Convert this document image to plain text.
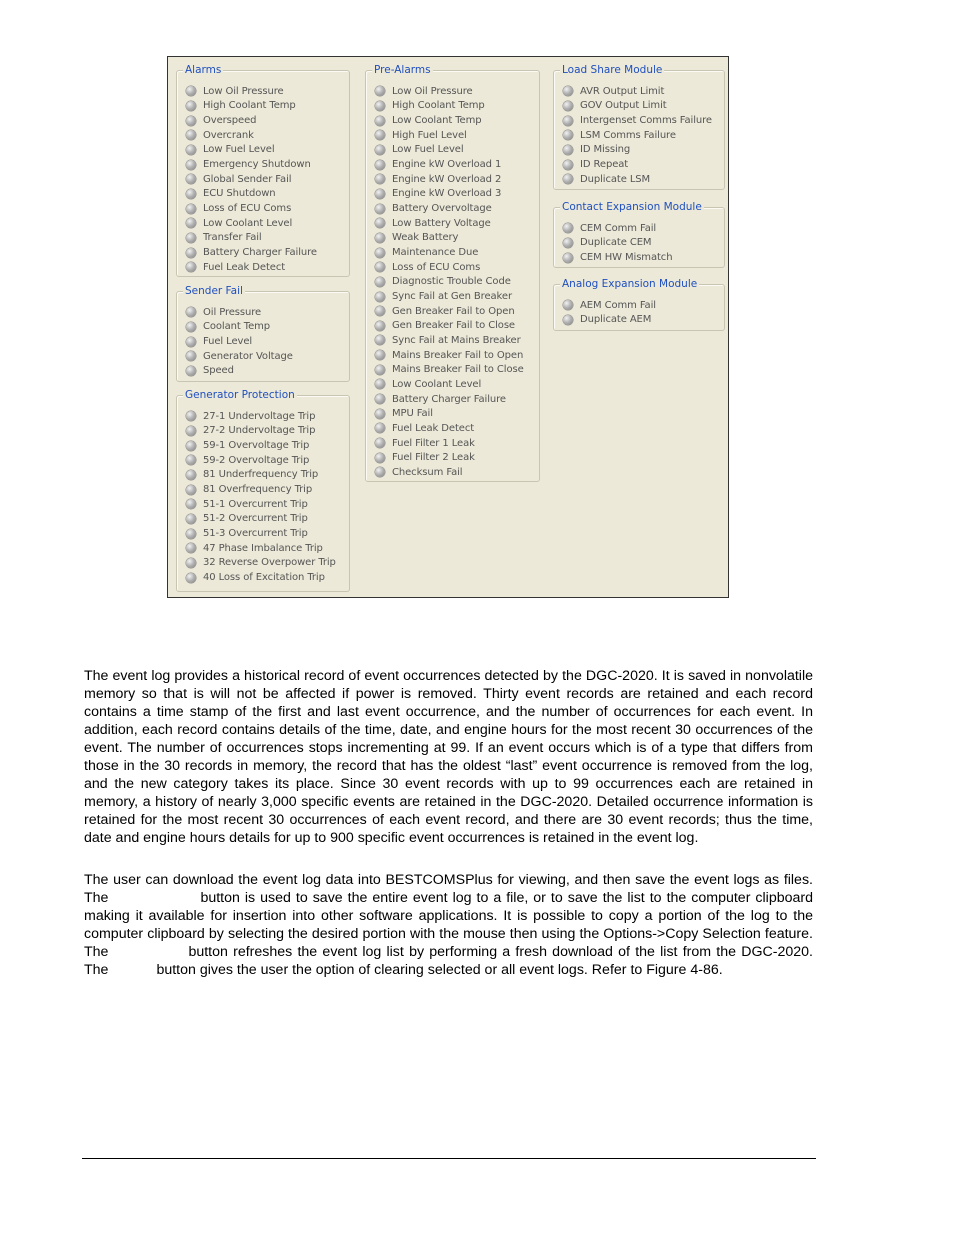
Alarms
Low Oil Pressure
High Coolant Temp
Overspeed
Overcrank
Low Fuel Level
Emergency Shutdown
Global Sender Fail
ECU Shutdown
Loss of ECU Coms
Low Coolant Level
Transfer Fail
Battery Charger Failure
Fuel Leak Detect
Sender Fail
Oil Pressure
Coolant Temp
Fuel Level
Generator Voltage
Speed
Generator Protection
27-1 Undervoltage Trip
27-2 Undervoltage Trip
59-1 Overvoltage Trip
59-2 Overvoltage Trip
81 Underfrequency Trip
81 Overfrequency Trip
51-1 Overcurrent Trip
51-2 Overcurrent Trip
51-3 Overcurrent Trip
47 Phase Imbalance Trip
32 Reverse Overpower Trip
40 Loss of Excitation Trip
Pre-Alarms
Low Oil Pressure
High Coolant Temp
Low Coolant Temp
High Fuel Level
Low Fuel Level
Engine kW Overload 1
Engine kW Overload 2
Engine kW Overload 3
Battery Overvoltage
Low Battery Voltage
Weak Battery
Maintenance Due
Loss of ECU Coms
Diagnostic Trouble Code
Sync Fail at Gen Breaker
Gen Breaker Fail to Open
Gen Breaker Fail to Close
Sync Fail at Mains Breaker
Mains Breaker Fail to Open
Mains Breaker Fail to Close
Low Coolant Level
Battery Charger Failure
MPU Fail
Fuel Leak Detect
Fuel Filter 1 Leak
Fuel Filter 2 Leak
Checksum Fail
Load Share Module
AVR Output Limit
GOV Output Limit
Intergenset Comms Failure
LSM Comms Failure
ID Missing
ID Repeat
Duplicate LSM
Contact Expansion Module
CEM Comm Fail
Duplicate CEM
CEM HW Mismatch
Analog Expansion Module
AEM Comm Fail
Duplicate AEM

The event log provides a historical record of event occurrences detected by the DGC-2020. It is saved in nonvolatile memory so that is will not be affected if power is removed. Thirty event records are retained and each record contains a time stamp of the first and last event occurrence, and the number of occurrences for each event. In addition, each record contains details of the time, date, and engine hours for the most recent 30 occurrences of the event. The number of occurrences stops incrementing at 99. If an event occurs which is of a type that differs from those in the 30 records in memory, the record that has the oldest “last” event occurrence is removed from the log, and the new category takes its place. Since 30 event records with up to 99 occurrences each are retained in memory, a history of nearly 3,000 specific events are retained in the DGC-2020. Detailed occurrence information is retained for the most recent 30 occurrences of each event record, and there are 30 event records; thus the time, date and engine hours details for up to 900 specific event occurrences is retained in the event log.

The user can download the event log data into BESTCOMSPlus for viewing, and then save the event logs as files. The	button is used to save the entire event log to a file, or to save the list to the computer clipboard making it available for insertion into other software applications. It is possible to copy a portion of the log to the computer clipboard by selecting the desired portion with the mouse then using the Options->Copy Selection feature. The	button refreshes the event log list by performing a fresh download of the list from the DGC-2020. The	button gives the user the option of clearing selected or all event logs. Refer to Figure 4-86.
